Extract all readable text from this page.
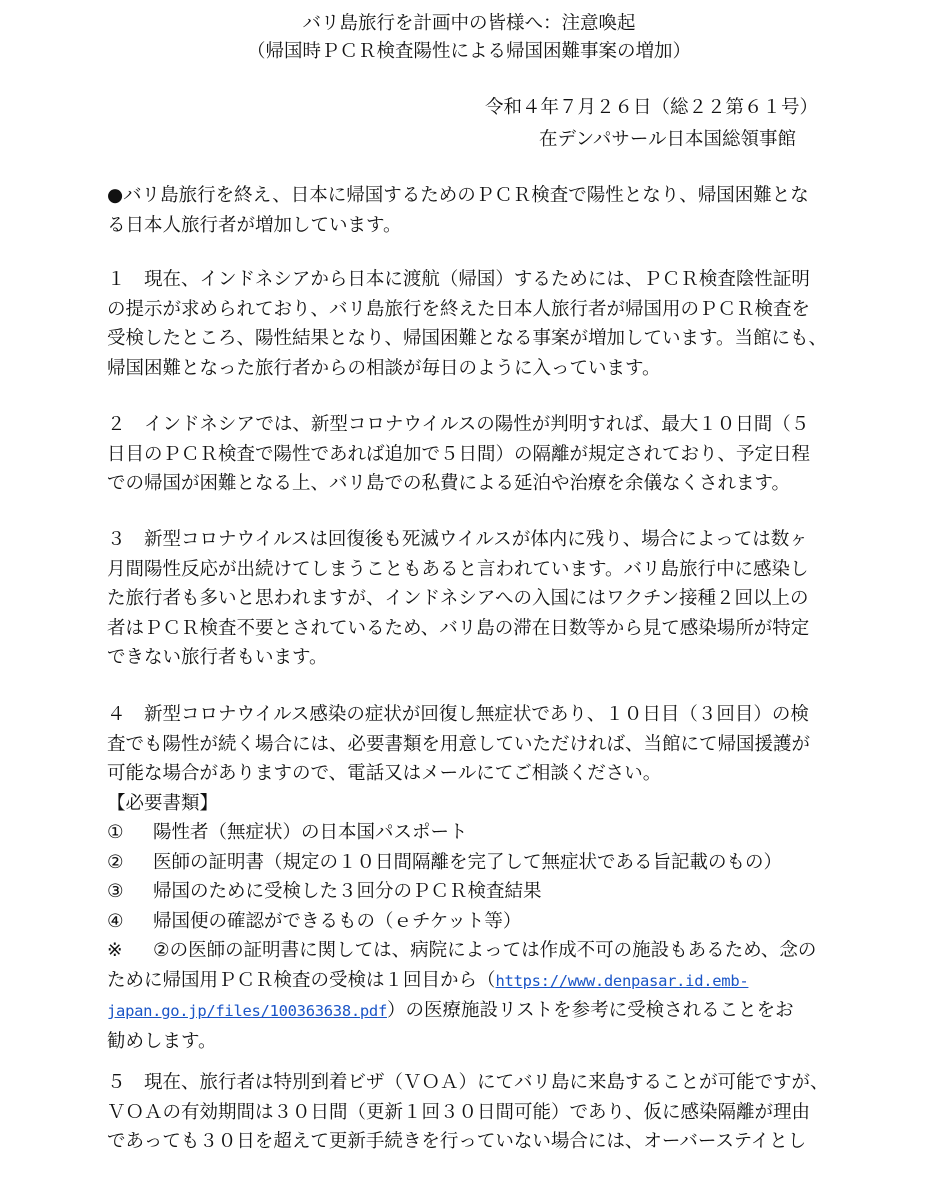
バリ島旅行を計画中の皆様へ：注意喚起
（帰国時ＰＣＲ検査陽性による帰国困難事案の増加）
令和４年７月２６日（総２２第６１号）
在デンパサール日本国総領事館
●バリ島旅行を終え、日本に帰国するためのＰＣＲ検査で陽性となり、帰国困難とな
る日本人旅行者が増加しています。
１　現在、インドネシアから日本に渡航（帰国）するためには、ＰＣＲ検査陰性証明
の提示が求められており、バリ島旅行を終えた日本人旅行者が帰国用のＰＣＲ検査を
受検したところ、陽性結果となり、帰国困難となる事案が増加しています。当館にも、
帰国困難となった旅行者からの相談が毎日のように入っています。
２　インドネシアでは、新型コロナウイルスの陽性が判明すれば、最大１０日間（５
日目のＰＣＲ検査で陽性であれば追加で５日間）の隔離が規定されており、予定日程
での帰国が困難となる上、バリ島での私費による延泊や治療を余儀なくされます。
３　新型コロナウイルスは回復後も死滅ウイルスが体内に残り、場合によっては数ヶ
月間陽性反応が出続けてしまうこともあると言われています。バリ島旅行中に感染し
た旅行者も多いと思われますが、インドネシアへの入国にはワクチン接種２回以上の
者はＰＣＲ検査不要とされているため、バリ島の滞在日数等から見て感染場所が特定
できない旅行者もいます。
４　新型コロナウイルス感染の症状が回復し無症状であり、１０日目（３回目）の検
査でも陽性が続く場合には、必要書類を用意していただければ、当館にて帰国援護が
可能な場合がありますので、電話又はメールにてご相談ください。
【必要書類】
① 陽性者（無症状）の日本国パスポート
② 医師の証明書（規定の１０日間隔離を完了して無症状である旨記載のもの）
③ 帰国のために受検した３回分のＰＣＲ検査結果
④ 帰国便の確認ができるもの（ｅチケット等）
※ ②の医師の証明書に関しては、病院によっては作成不可の施設もあるため、念の
ために帰国用ＰＣＲ検査の受検は１回目から（https://www.denpasar.id.emb-
japan.go.jp/files/100363638.pdf）の医療施設リストを参考に受検されることをお
勧めします。
５　現在、旅行者は特別到着ビザ（ＶＯＡ）にてバリ島に来島することが可能ですが、
ＶＯＡの有効期間は３０日間（更新１回３０日間可能）であり、仮に感染隔離が理由
であっても３０日を超えて更新手続きを行っていない場合には、オーバーステイとし
